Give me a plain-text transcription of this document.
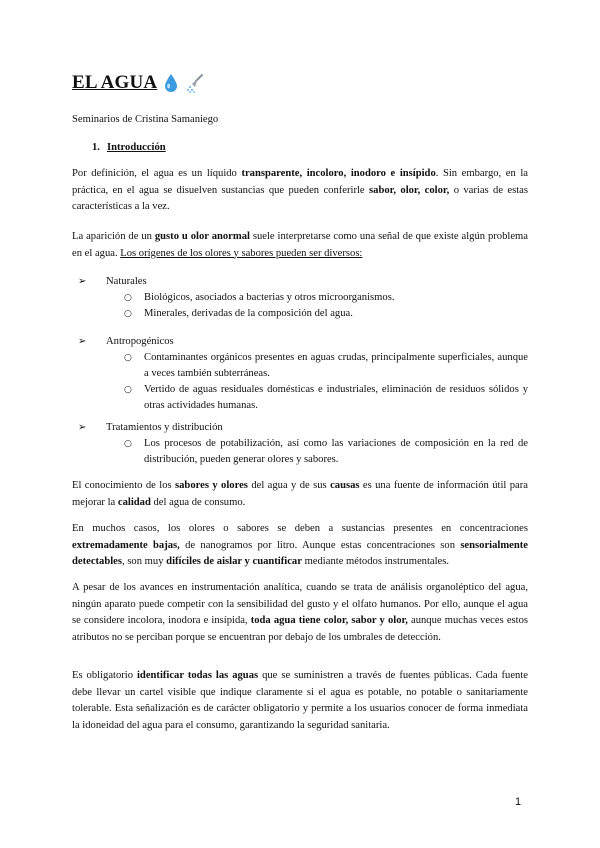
EL AGUA
Seminarios de Cristina Samaniego
1. Introducción

Por definición, el agua es un líquido transparente, incoloro, inodoro e insípido. Sin embargo, en la práctica, en el agua se disuelven sustancias que pueden conferirle sabor, olor, color, o varias de estas características a la vez.

La aparición de un gusto u olor anormal suele interpretarse como una señal de que existe algún problema en el agua. Los orígenes de los olores y sabores pueden ser diversos:

➢	Naturales
○ Biológicos, asociados a bacterias y otros microorganismos.
○ Minerales, derivadas de la composición del agua.
➢	Antropogénicos
○ Contaminantes orgánicos presentes en aguas crudas, principalmente superficiales, aunque a veces también subterráneas.
○ Vertido de aguas residuales domésticas e industriales, eliminación de residuos sólidos y otras actividades humanas.
➢	Tratamientos y distribución
○ Los procesos de potabilización, así como las variaciones de composición en la red de distribución, pueden generar olores y sabores.

El conocimiento de los sabores y olores del agua y de sus causas es una fuente de información útil para mejorar la calidad del agua de consumo.

En muchos casos, los olores o sabores se deben a sustancias presentes en concentraciones extremadamente bajas, de nanogramos por litro. Aunque estas concentraciones son sensorialmente detectables, son muy difíciles de aislar y cuantificar mediante métodos instrumentales.

A pesar de los avances en instrumentación analítica, cuando se trata de análisis organoléptico del agua, ningún aparato puede competir con la sensibilidad del gusto y el olfato humanos. Por ello, aunque el agua se considere incolora, inodora e insípida, toda agua tiene color, sabor y olor, aunque muchas veces estos atributos no se perciban porque se encuentran por debajo de los umbrales de detección.

Es obligatorio identificar todas las aguas que se suministren a través de fuentes públicas. Cada fuente debe llevar un cartel visible que indique claramente si el agua es potable, no potable o sanitariamente tolerable. Esta señalización es de carácter obligatorio y permite a los usuarios conocer de forma inmediata la idoneidad del agua para el consumo, garantizando la seguridad sanitaria.

1
